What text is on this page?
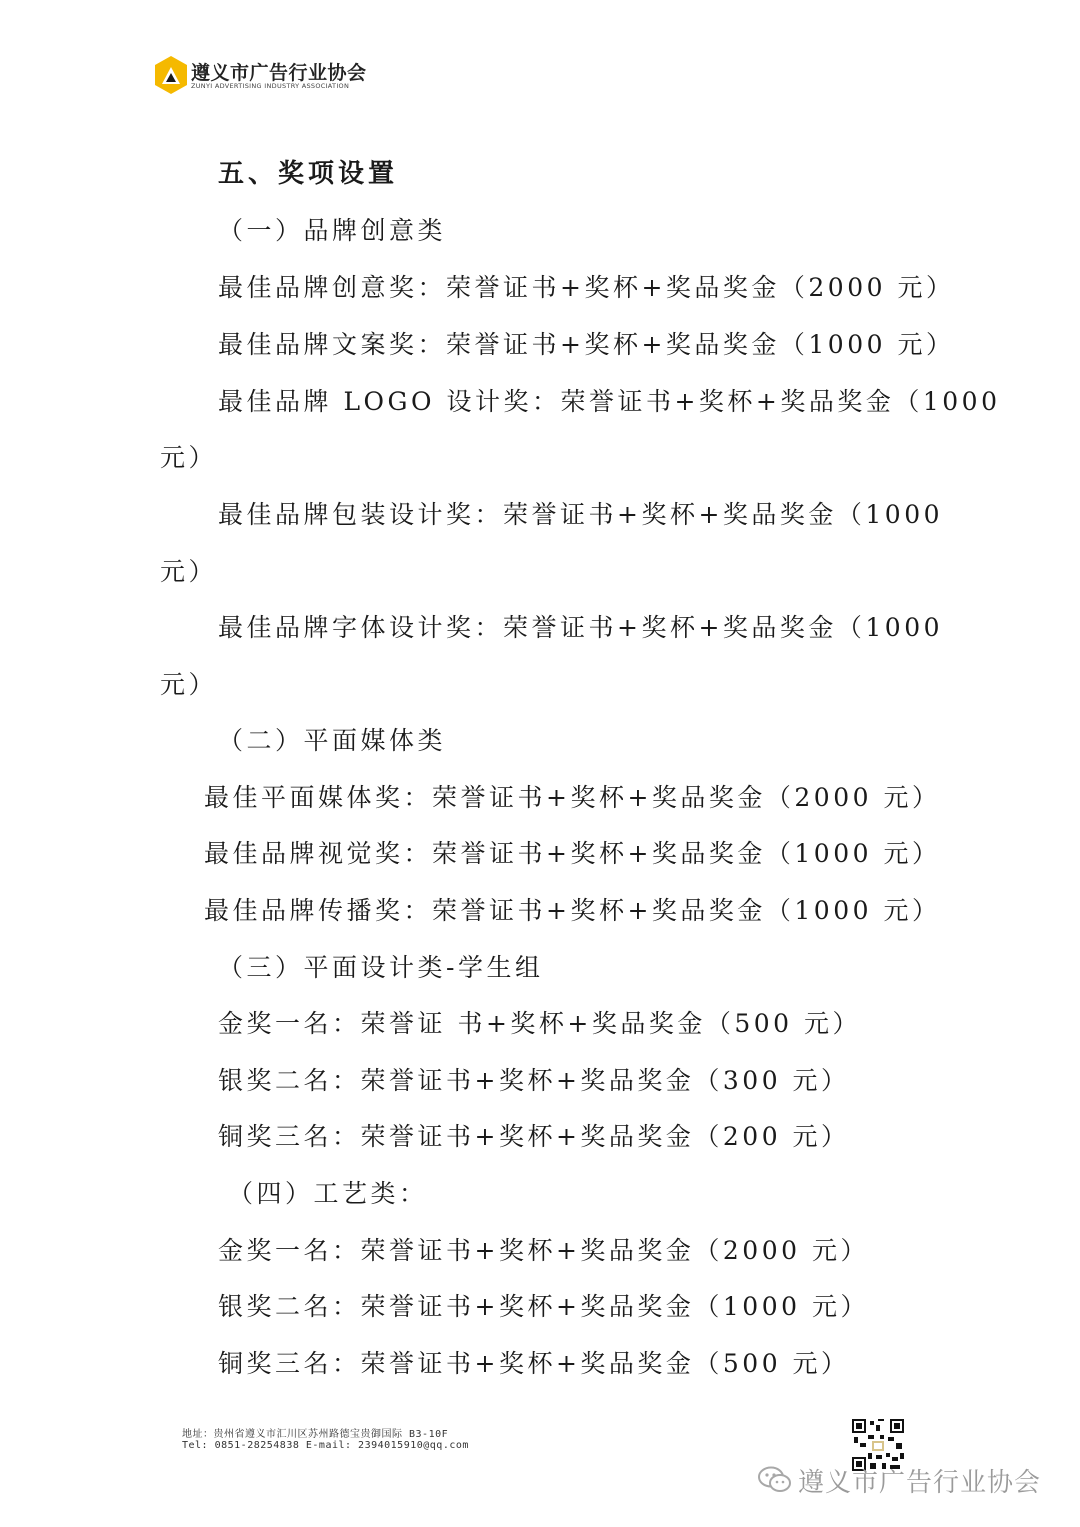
遵义市广告行业协会
ZUNYI ADVERTISING INDUSTRY ASSOCIATION
五、奖项设置
（一）品牌创意类
最佳品牌创意奖：荣誉证书+奖杯+奖品奖金（2000 元）
最佳品牌文案奖：荣誉证书+奖杯+奖品奖金（1000 元）
最佳品牌 LOGO 设计奖：荣誉证书+奖杯+奖品奖金（1000
元）
最佳品牌包装设计奖：荣誉证书+奖杯+奖品奖金（1000
元）
最佳品牌字体设计奖：荣誉证书+奖杯+奖品奖金（1000
元）
（二）平面媒体类
最佳平面媒体奖：荣誉证书+奖杯+奖品奖金（2000 元）
最佳品牌视觉奖：荣誉证书+奖杯+奖品奖金（1000 元）
最佳品牌传播奖：荣誉证书+奖杯+奖品奖金（1000 元）
（三）平面设计类-学生组
金奖一名：荣誉证 书+奖杯+奖品奖金（500 元）
银奖二名：荣誉证书+奖杯+奖品奖金（300 元）
铜奖三名：荣誉证书+奖杯+奖品奖金（200 元）
（四）工艺类：
金奖一名：荣誉证书+奖杯+奖品奖金（2000 元）
银奖二名：荣誉证书+奖杯+奖品奖金（1000 元）
铜奖三名：荣誉证书+奖杯+奖品奖金（500 元）
地址：贵州省遵义市汇川区苏州路德宝贵御国际 B3-10F
Tel: 0851-28254838 E-mail: 2394015910@qq.com
遵义市广告行业协会
